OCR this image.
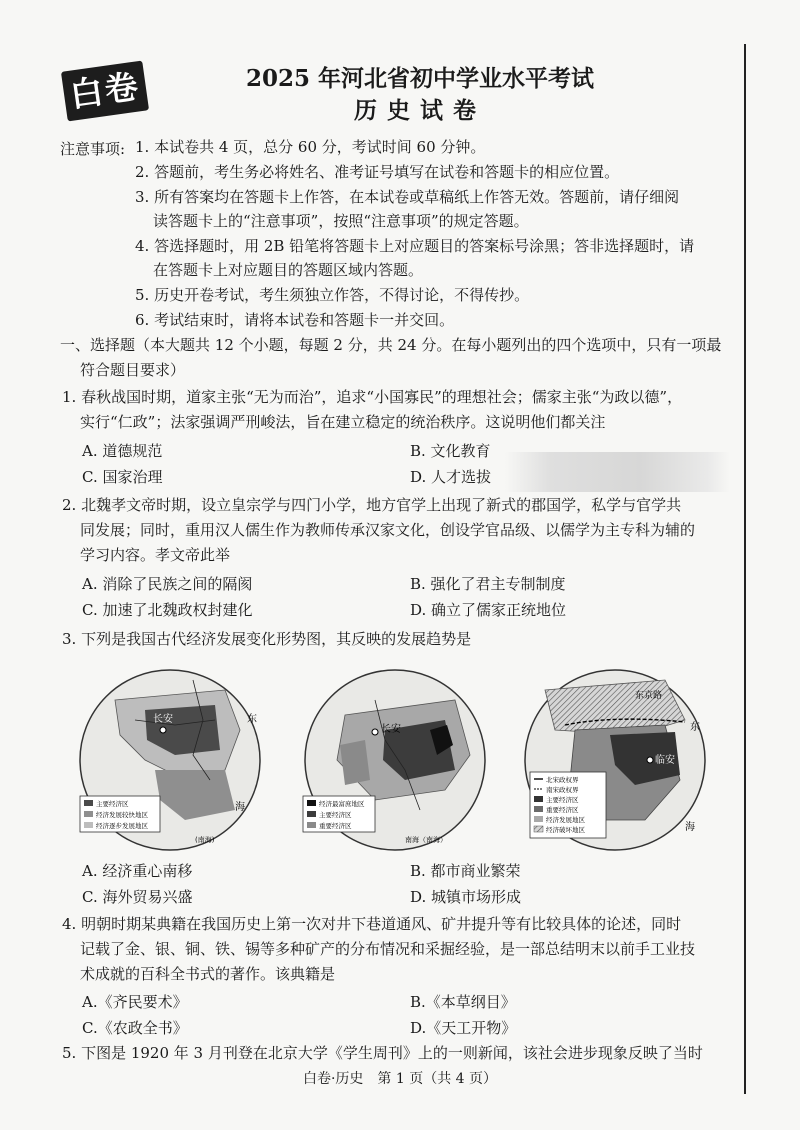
白卷	2025 年河北省初中学业水平考试
历史试卷
注意事项: 1. 本试卷共 4 页，总分 60 分，考试时间 60 分钟。
2. 答题前，考生务必将姓名、准考证号填写在试卷和答题卡的相应位置。
3. 所有答案均在答题卡上作答，在本试卷或草稿纸上作答无效。答题前，请仔细阅
读答题卡上的“注意事项”，按照“注意事项”的规定答题。
4. 答选择题时，用 2B 铅笔将答题卡上对应题目的答案标号涂黑；答非选择题时，请
在答题卡上对应题目的答题区域内答题。
5. 历史开卷考试，考生须独立作答，不得讨论，不得传抄。
6. 考试结束时，请将本试卷和答题卡一并交回。
一、选择题（本大题共 12 个小题，每题 2 分，共 24 分。在每小题列出的四个选项中，只有一项最
符合题目要求）
1. 春秋战国时期，道家主张“无为而治”，追求“小国寡民”的理想社会；儒家主张“为政以德”，
实行“仁政”；法家强调严刑峻法，旨在建立稳定的统治秩序。这说明他们都关注
A. 道德规范	B. 文化教育
C. 国家治理	D. 人才选拔
2. 北魏孝文帝时期，设立皇宗学与四门小学，地方官学上出现了新式的郡国学，私学与官学共
同发展；同时，重用汉人儒生作为教师传承汉家文化，创设学官品级、以儒学为主专科为辅的
学习内容。孝文帝此举
A. 消除了民族之间的隔阂	B. 强化了君主专制制度
C. 加速了北魏政权封建化	D. 确立了儒家正统地位
3. 下列是我国古代经济发展变化形势图，其反映的发展趋势是
长安	东
海
(南海)
主要经济区
经济发展较快地区
经济逐步发展地区
长安
南海（南海）
经济最富庶地区
主要经济区
重要经济区
临安
东京路
东
海
北宋政权界
南宋政权界
主要经济区
重要经济区
经济发展地区
经济破坏地区
A. 经济重心南移	B. 都市商业繁荣
C. 海外贸易兴盛	D. 城镇市场形成
4. 明朝时期某典籍在我国历史上第一次对井下巷道通风、矿井提升等有比较具体的论述，同时
记载了金、银、铜、铁、锡等多种矿产的分布情况和采掘经验，是一部总结明末以前手工业技
术成就的百科全书式的著作。该典籍是
A.《齐民要术》	B.《本草纲目》
C.《农政全书》	D.《天工开物》
5. 下图是 1920 年 3 月刊登在北京大学《学生周刊》上的一则新闻，该社会进步现象反映了当时
白卷·历史　第 1 页（共 4 页）
